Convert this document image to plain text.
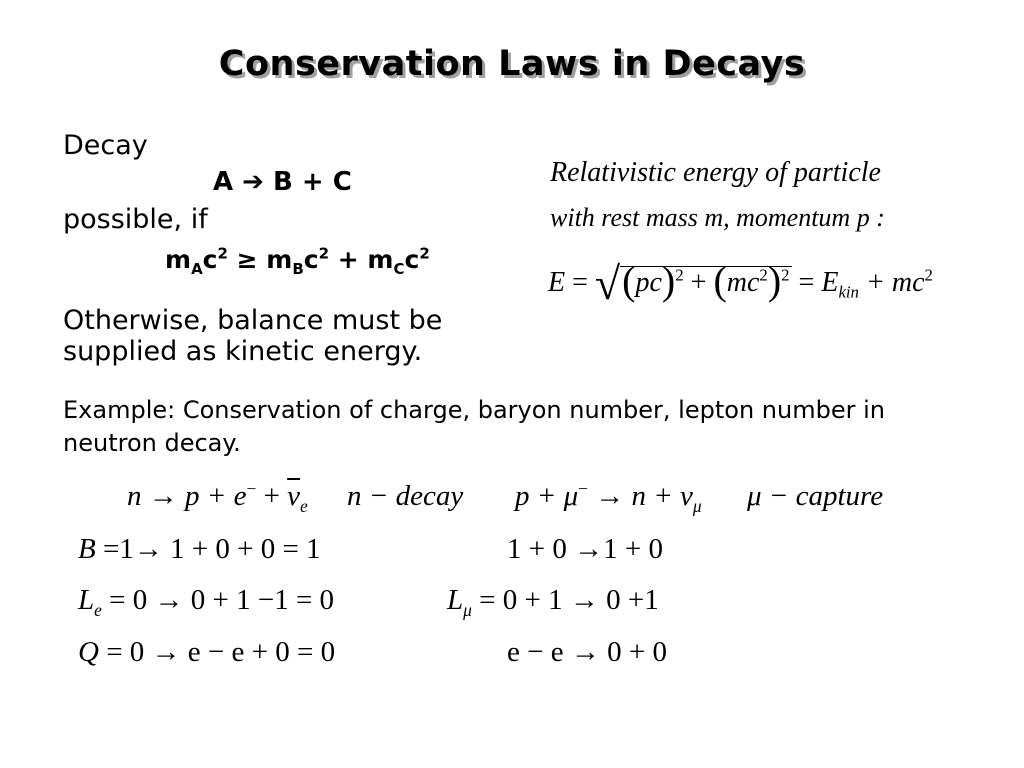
Conservation Laws in Decays
Decay
A ➔ B + C
possible, if
$m_Ac^2 \ge m_Bc^2 + m_Cc^2$
Otherwise, balance must be
supplied as kinetic energy.
Relativistic energy of particle
with rest mass m, momentum p :
$E = √(pc)^2 + (mc^2)^2 = E_{kin} + mc^2$
Example: Conservation of charge, baryon number, lepton number in
neutron decay.
$n \to p + e^- + \overline{\nu}_e$ n − decay $p + \mu^- \to n + \nu_\mu$ μ − capture
B =1→ 1 + 0 + 0 = 1	1 + 0 →1 + 0
$L_e = 0 \to 0 + 1 -1 = 0$	$L_\mu = 0 + 1 \to 0 +1$
Q = 0 → e − e + 0 = 0	e − e → 0 + 0
